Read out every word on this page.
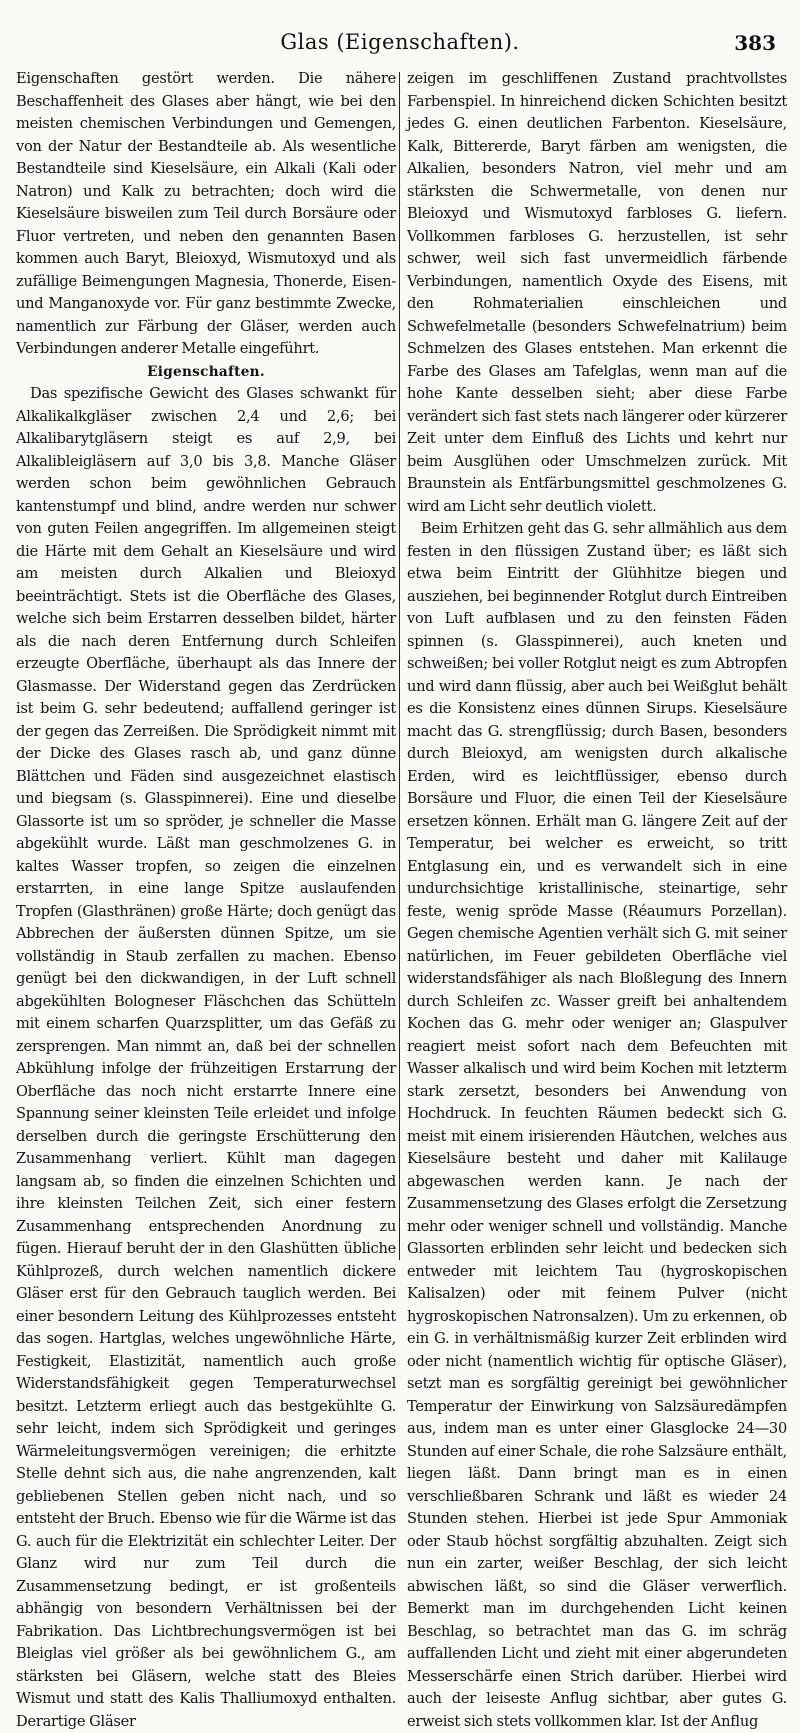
Glas (Eigenschaften).	383

Eigenschaften gestört werden. Die nähere Beschaffenheit des Glases aber hängt, wie bei den meisten chemischen Verbindungen und Gemengen, von der Natur der Bestandteile ab. Als wesentliche Bestandteile sind Kieselsäure, ein Alkali (Kali oder Natron) und Kalk zu betrachten; doch wird die Kieselsäure bisweilen zum Teil durch Borsäure oder Fluor vertreten, und neben den genannten Basen kommen auch Baryt, Bleioxyd, Wismutoxyd und als zufällige Beimengungen Magnesia, Thonerde, Eisen- und Manganoxyde vor. Für ganz bestimmte Zwecke, namentlich zur Färbung der Gläser, werden auch Verbindungen anderer Metalle eingeführt.

Eigenschaften.

Das spezifische Gewicht des Glases schwankt für Alkalikalkgläser zwischen 2,4 und 2,6; bei Alkalibarytgläsern steigt es auf 2,9, bei Alkalibleigläsern auf 3,0 bis 3,8. Manche Gläser werden schon beim gewöhnlichen Gebrauch kantenstumpf und blind, andre werden nur schwer von guten Feilen angegriffen. Im allgemeinen steigt die Härte mit dem Gehalt an Kieselsäure und wird am meisten durch Alkalien und Bleioxyd beeinträchtigt. Stets ist die Oberfläche des Glases, welche sich beim Erstarren desselben bildet, härter als die nach deren Entfernung durch Schleifen erzeugte Oberfläche, überhaupt als das Innere der Glasmasse. Der Widerstand gegen das Zerdrücken ist beim G. sehr bedeutend; auffallend geringer ist der gegen das Zerreißen. Die Sprödigkeit nimmt mit der Dicke des Glases rasch ab, und ganz dünne Blättchen und Fäden sind ausgezeichnet elastisch und biegsam (s. Glasspinnerei). Eine und dieselbe Glassorte ist um so spröder, je schneller die Masse abgekühlt wurde. Läßt man geschmolzenes G. in kaltes Wasser tropfen, so zeigen die einzelnen erstarrten, in eine lange Spitze auslaufenden Tropfen (Glasthränen) große Härte; doch genügt das Abbrechen der äußersten dünnen Spitze, um sie vollständig in Staub zerfallen zu machen. Ebenso genügt bei den dickwandigen, in der Luft schnell abgekühlten Bologneser Fläschchen das Schütteln mit einem scharfen Quarzsplitter, um das Gefäß zu zersprengen. Man nimmt an, daß bei der schnellen Abkühlung infolge der frühzeitigen Erstarrung der Oberfläche das noch nicht erstarrte Innere eine Spannung seiner kleinsten Teile erleidet und infolge derselben durch die geringste Erschütterung den Zusammenhang verliert. Kühlt man dagegen langsam ab, so finden die einzelnen Schichten und ihre kleinsten Teilchen Zeit, sich einer festern Zusammenhang entsprechenden Anordnung zu fügen. Hierauf beruht der in den Glashütten übliche Kühlprozeß, durch welchen namentlich dickere Gläser erst für den Gebrauch tauglich werden. Bei einer besondern Leitung des Kühlprozesses entsteht das sogen. Hartglas, welches ungewöhnliche Härte, Festigkeit, Elastizität, namentlich auch große Widerstandsfähigkeit gegen Temperaturwechsel besitzt. Letzterm erliegt auch das bestgekühlte G. sehr leicht, indem sich Sprödigkeit und geringes Wärmeleitungsvermögen vereinigen; die erhitzte Stelle dehnt sich aus, die nahe angrenzenden, kalt gebliebenen Stellen geben nicht nach, und so entsteht der Bruch. Ebenso wie für die Wärme ist das G. auch für die Elektrizität ein schlechter Leiter. Der Glanz wird nur zum Teil durch die Zusammensetzung bedingt, er ist großenteils abhängig von besondern Verhältnissen bei der Fabrikation. Das Lichtbrechungsvermögen ist bei Bleiglas viel größer als bei gewöhnlichem G., am stärksten bei Gläsern, welche statt des Bleies Wismut und statt des Kalis Thalliumoxyd enthalten. Derartige Gläser

zeigen im geschliffenen Zustand prachtvollstes Farbenspiel. In hinreichend dicken Schichten besitzt jedes G. einen deutlichen Farbenton. Kieselsäure, Kalk, Bittererde, Baryt färben am wenigsten, die Alkalien, besonders Natron, viel mehr und am stärksten die Schwermetalle, von denen nur Bleioxyd und Wismutoxyd farbloses G. liefern. Vollkommen farbloses G. herzustellen, ist sehr schwer, weil sich fast unvermeidlich färbende Verbindungen, namentlich Oxyde des Eisens, mit den Rohmaterialien einschleichen und Schwefelmetalle (besonders Schwefelnatrium) beim Schmelzen des Glases entstehen. Man erkennt die Farbe des Glases am Tafelglas, wenn man auf die hohe Kante desselben sieht; aber diese Farbe verändert sich fast stets nach längerer oder kürzerer Zeit unter dem Einfluß des Lichts und kehrt nur beim Ausglühen oder Umschmelzen zurück. Mit Braunstein als Entfärbungsmittel geschmolzenes G. wird am Licht sehr deutlich violett.

Beim Erhitzen geht das G. sehr allmählich aus dem festen in den flüssigen Zustand über; es läßt sich etwa beim Eintritt der Glühhitze biegen und ausziehen, bei beginnender Rotglut durch Eintreiben von Luft aufblasen und zu den feinsten Fäden spinnen (s. Glasspinnerei), auch kneten und schweißen; bei voller Rotglut neigt es zum Abtropfen und wird dann flüssig, aber auch bei Weißglut behält es die Konsistenz eines dünnen Sirups. Kieselsäure macht das G. strengflüssig; durch Basen, besonders durch Bleioxyd, am wenigsten durch alkalische Erden, wird es leichtflüssiger, ebenso durch Borsäure und Fluor, die einen Teil der Kieselsäure ersetzen können. Erhält man G. längere Zeit auf der Temperatur, bei welcher es erweicht, so tritt Entglasung ein, und es verwandelt sich in eine undurchsichtige kristallinische, steinartige, sehr feste, wenig spröde Masse (Réaumurs Porzellan). Gegen chemische Agentien verhält sich G. mit seiner natürlichen, im Feuer gebildeten Oberfläche viel widerstandsfähiger als nach Bloßlegung des Innern durch Schleifen zc. Wasser greift bei anhaltendem Kochen das G. mehr oder weniger an; Glaspulver reagiert meist sofort nach dem Befeuchten mit Wasser alkalisch und wird beim Kochen mit letzterm stark zersetzt, besonders bei Anwendung von Hochdruck. In feuchten Räumen bedeckt sich G. meist mit einem irisierenden Häutchen, welches aus Kieselsäure besteht und daher mit Kalilauge abgewaschen werden kann. Je nach der Zusammensetzung des Glases erfolgt die Zersetzung mehr oder weniger schnell und vollständig. Manche Glassorten erblinden sehr leicht und bedecken sich entweder mit leichtem Tau (hygroskopischen Kalisalzen) oder mit feinem Pulver (nicht hygroskopischen Natronsalzen). Um zu erkennen, ob ein G. in verhältnismäßig kurzer Zeit erblinden wird oder nicht (namentlich wichtig für optische Gläser), setzt man es sorgfältig gereinigt bei gewöhnlicher Temperatur der Einwirkung von Salzsäuredämpfen aus, indem man es unter einer Glasglocke 24—30 Stunden auf einer Schale, die rohe Salzsäure enthält, liegen läßt. Dann bringt man es in einen verschließbaren Schrank und läßt es wieder 24 Stunden stehen. Hierbei ist jede Spur Ammoniak oder Staub höchst sorgfältig abzuhalten. Zeigt sich nun ein zarter, weißer Beschlag, der sich leicht abwischen läßt, so sind die Gläser verwerflich. Bemerkt man im durchgehenden Licht keinen Beschlag, so betrachtet man das G. im schräg auffallenden Licht und zieht mit einer abgerundeten Messerschärfe einen Strich darüber. Hierbei wird auch der leiseste Anflug sichtbar, aber gutes G. erweist sich stets vollkommen klar. Ist der Anflug
